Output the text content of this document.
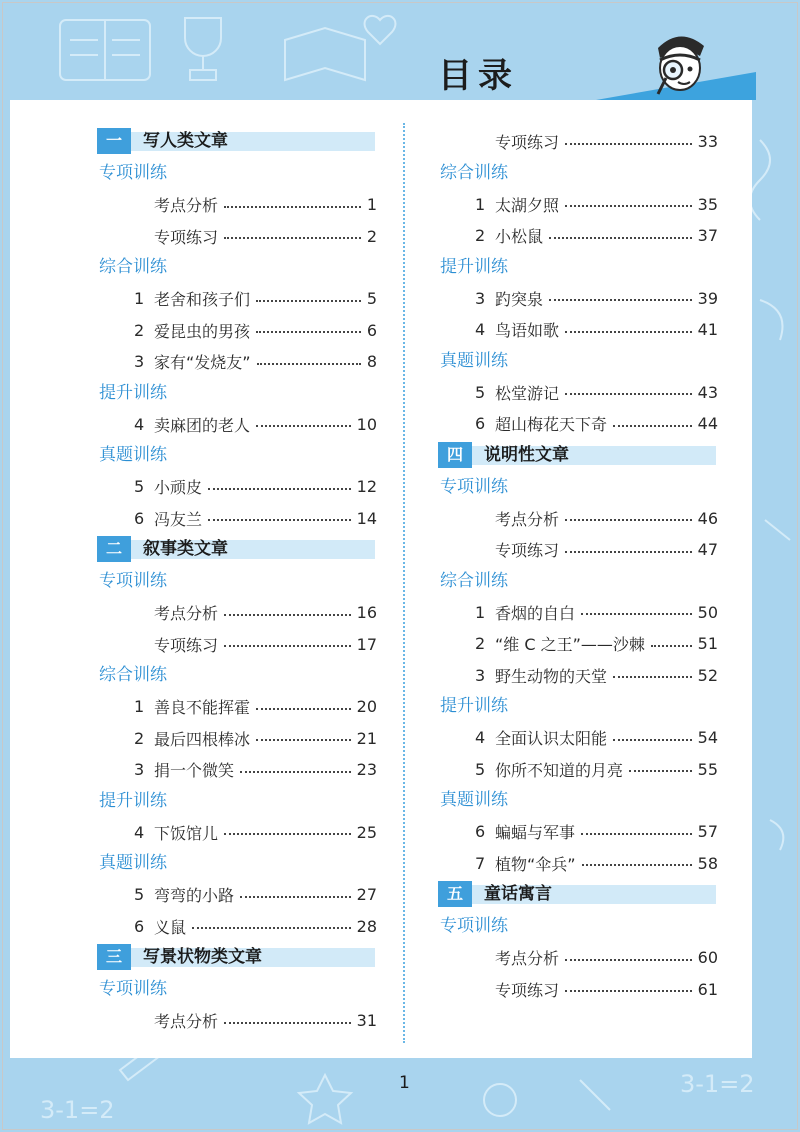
3-1=2
3-1=2
目录
一	写人类文章
专项训练
考点分析	1
专项练习	2
综合训练
1 老舍和孩子们	5
2 爱昆虫的男孩	6
3 家有“发烧友”	8
提升训练
4 卖麻团的老人	10
真题训练
5 小顽皮	12
6 冯友兰	14
二	叙事类文章
专项训练
考点分析	16
专项练习	17
综合训练
1 善良不能挥霍	20
2 最后四根棒冰	21
3 捐一个微笑	23
提升训练
4 下饭馆儿	25
真题训练
5 弯弯的小路	27
6 义鼠	28
三	写景状物类文章
专项训练
考点分析	31
专项练习	33
综合训练
1 太湖夕照	35
2 小松鼠	37
提升训练
3 趵突泉	39
4 鸟语如歌	41
真题训练
5 松堂游记	43
6 超山梅花天下奇	44
四	说明性文章
专项训练
考点分析	46
专项练习	47
综合训练
1 香烟的自白	50
2 “维 C 之王”——沙棘	51
3 野生动物的天堂	52
提升训练
4 全面认识太阳能	54
5 你所不知道的月亮	55
真题训练
6 蝙蝠与军事	57
7 植物“伞兵”	58
五	童话寓言
专项训练
考点分析	60
专项练习	61
1
